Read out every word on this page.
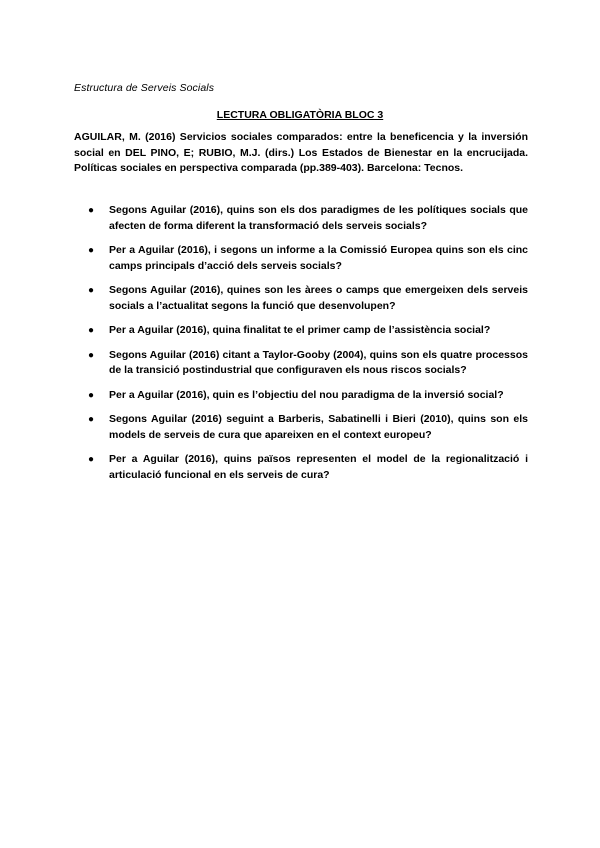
Estructura de Serveis Socials
LECTURA OBLIGATÒRIA BLOC 3

AGUILAR, M. (2016) Servicios sociales comparados: entre la beneficencia y la inversión social en DEL PINO, E; RUBIO, M.J. (dirs.) Los Estados de Bienestar en la encrucijada. Políticas sociales en perspectiva comparada (pp.389-403). Barcelona: Tecnos.

● Segons Aguilar (2016), quins son els dos paradigmes de les polítiques socials que afecten de forma diferent la transformació dels serveis socials?
● Per a Aguilar (2016), i segons un informe a la Comissió Europea quins son els cinc camps principals d’acció dels serveis socials?
● Segons Aguilar (2016), quines son les àrees o camps que emergeixen dels serveis socials a l’actualitat segons la funció que desenvolupen?
● Per a Aguilar (2016), quina finalitat te el primer camp de l’assistència social?
● Segons Aguilar (2016) citant a Taylor-Gooby (2004), quins son els quatre processos de la transició postindustrial que configuraven els nous riscos socials?
● Per a Aguilar (2016), quin es l’objectiu del nou paradigma de la inversió social?
● Segons Aguilar (2016) seguint a Barberis, Sabatinelli i Bieri (2010), quins son els models de serveis de cura que apareixen en el context europeu?
● Per a Aguilar (2016), quins països representen el model de la regionalització i articulació funcional en els serveis de cura?
